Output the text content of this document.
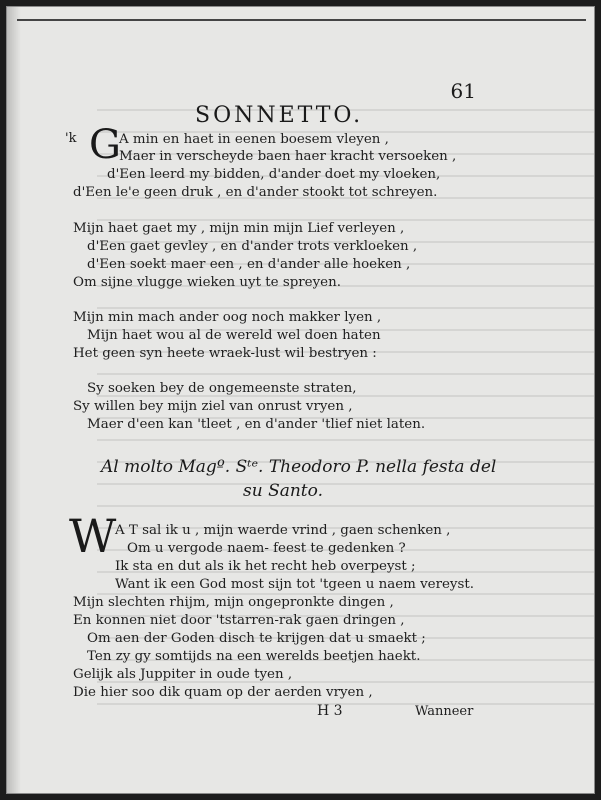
61
SONNETTO.
'k G
A min en haet in eenen boesem vleyen ,
Maer in verscheyde baen haer kracht versoeken ,
d'Een leerd my bidden, d'ander doet my vloeken,
d'Een le'e geen druk , en d'ander stookt tot schreyen.
Mijn haet gaet my , mijn min mijn Lief verleyen ,
d'Een gaet gevley , en d'ander trots verkloeken ,
d'Een soekt maer een , en d'ander alle hoeken ,
Om sijne vlugge wieken uyt te spreyen.
Mijn min mach ander oog noch makker lyen ,
Mijn haet wou al de wereld wel doen haten
Het geen syn heete wraek-lust wil bestryen :
Sy soeken bey de ongemeenste straten,
Sy willen bey mijn ziel van onrust vryen ,
Maer d'een kan 'tleet , en d'ander 'tlief niet laten.
Al molto Magº. Sᵗᵉ. Theodoro P. nella festa del
su Santo.
W
A T sal ik u , mijn waerde vrind , gaen schenken ,
Om u vergode naem- feest te gedenken ?
Ik sta en dut als ik het recht heb overpeyst ;
Want ik een God most sijn tot 'tgeen u naem vereyst.
Mijn slechten rhijm, mijn ongepronkte dingen ,
En konnen niet door 'tstarren-rak gaen dringen ,
Om aen der Goden disch te krijgen dat u smaekt ;
Ten zy gy somtijds na een werelds beetjen haekt.
Gelijk als Juppiter in oude tyen ,
Die hier soo dik quam op der aerden vryen ,
H 3	Wanneer
